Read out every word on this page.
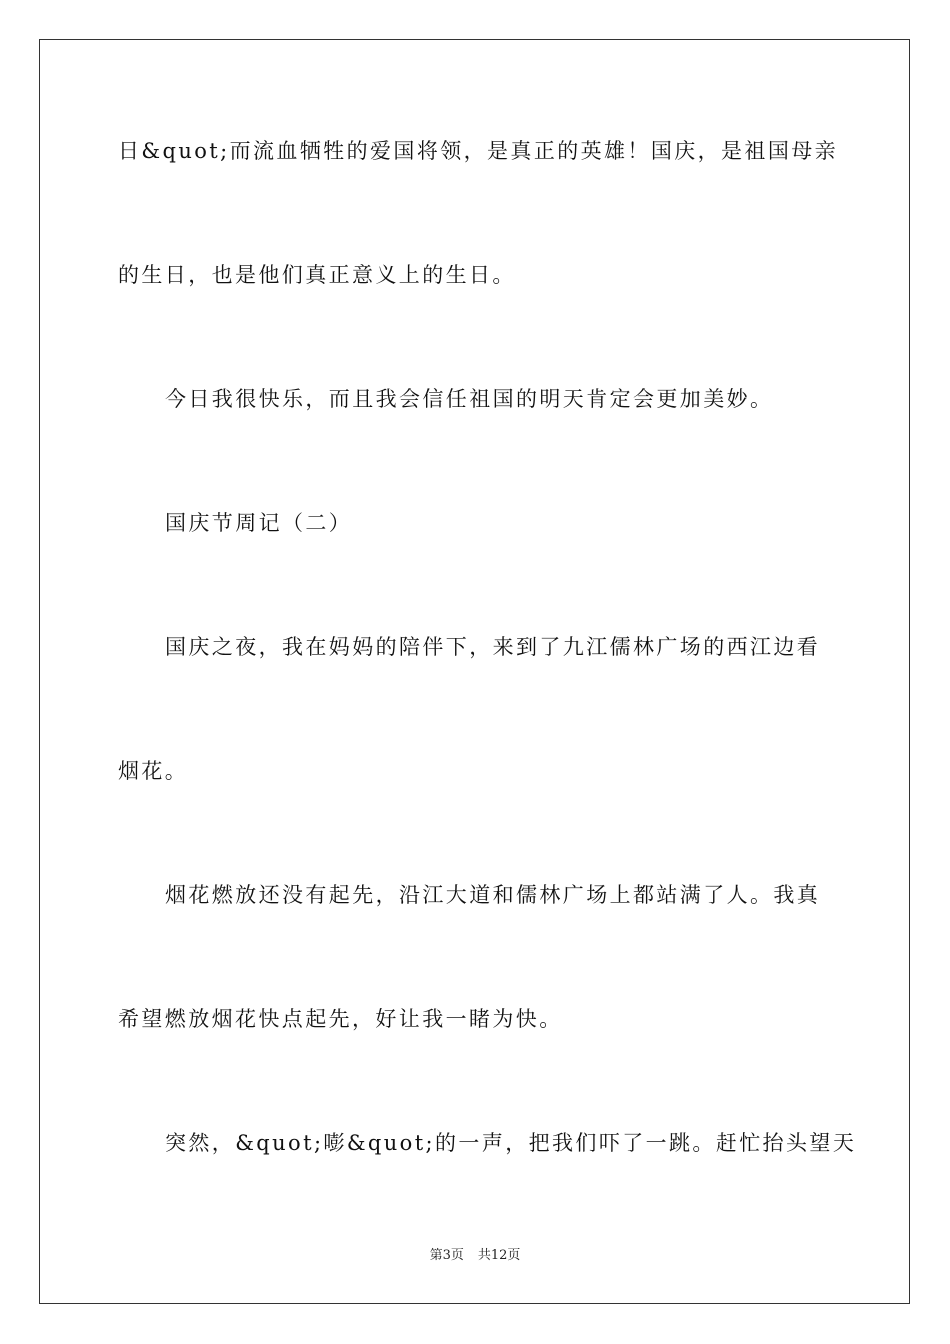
日&quot;而流血牺牲的爱国将领，是真正的英雄！国庆，是祖国母亲
的生日，也是他们真正意义上的生日。
今日我很快乐，而且我会信任祖国的明天肯定会更加美妙。
国庆节周记（二）
国庆之夜，我在妈妈的陪伴下，来到了九江儒林广场的西江边看
烟花。
烟花燃放还没有起先，沿江大道和儒林广场上都站满了人。我真
希望燃放烟花快点起先，好让我一睹为快。
突然，&quot;嘭&quot;的一声，把我们吓了一跳。赶忙抬头望天
第3页 共12页
